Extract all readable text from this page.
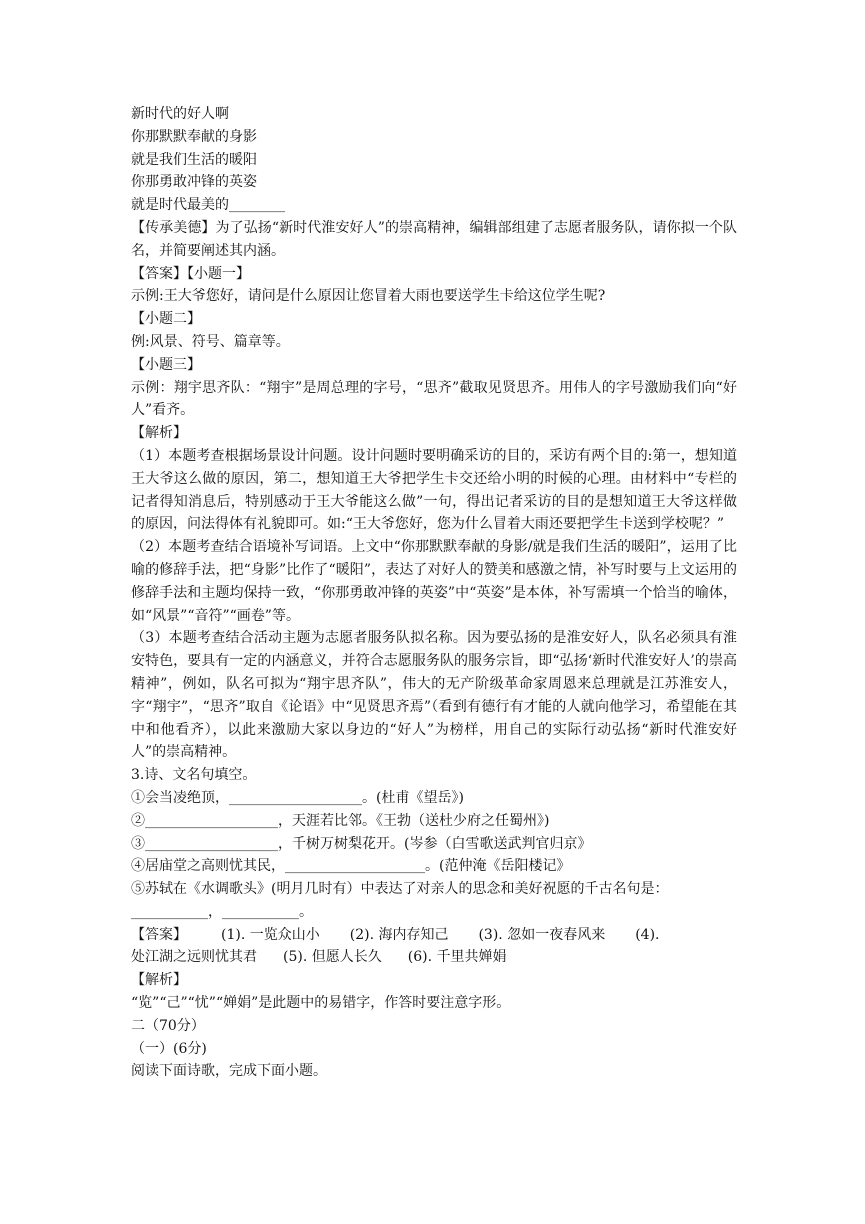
新时代的好人啊
你那默默奉献的身影
就是我们生活的暖阳
你那勇敢冲锋的英姿
就是时代最美的________
【传承美德】为了弘扬“新时代淮安好人”的崇高精神，编辑部组建了志愿者服务队，请你拟一个队名，并简要阐述其内涵。
【答案】【小题一】
示例:王大爷您好，请问是什么原因让您冒着大雨也要送学生卡给这位学生呢?
【小题二】
例:风景、符号、篇章等。
【小题三】
示例：翔宇思齐队：“翔宇”是周总理的字号，“思齐”截取见贤思齐。用伟人的字号激励我们向“好人”看齐。
【解析】
（1）本题考查根据场景设计问题。设计问题时要明确采访的目的，采访有两个目的:第一，想知道王大爷这么做的原因，第二，想知道王大爷把学生卡交还给小明的时候的心理。由材料中“专栏的记者得知消息后，特别感动于王大爷能这么做”一句，得出记者采访的目的是想知道王大爷这样做的原因，问法得体有礼貌即可。如:“王大爷您好，您为什么冒着大雨还要把学生卡送到学校呢？”
（2）本题考查结合语境补写词语。上文中“你那默默奉献的身影/就是我们生活的暖阳”，运用了比喻的修辞手法，把“身影”比作了“暖阳”，表达了对好人的赞美和感激之情，补写时要与上文运用的修辞手法和主题均保持一致，“你那勇敢冲锋的英姿”中“英姿”是本体，补写需填一个恰当的喻体，如“风景”“音符”“画卷”等。
（3）本题考查结合活动主题为志愿者服务队拟名称。因为要弘扬的是淮安好人，队名必须具有淮安特色，要具有一定的内涵意义，并符合志愿服务队的服务宗旨，即“弘扬‘新时代淮安好人’的崇高精神”，例如，队名可拟为“翔宇思齐队”，伟大的无产阶级革命家周恩来总理就是江苏淮安人，字“翔宇”，“思齐”取自《论语》中“见贤思齐焉”（看到有德行有才能的人就向他学习，希望能在其中和他看齐），以此来激励大家以身边的“好人”为榜样，用自己的实际行动弘扬“新时代淮安好人”的崇高精神。
3.诗、文名句填空。
①会当凌绝顶，___________________。(杜甫《望岳》)
②___________________，天涯若比邻。《王勃（送杜少府之任蜀州》)
③___________________，千树万树梨花开。(岑参（白雪歌送武判官归京》
④居庙堂之高则忧其民，____________________。(范仲淹《岳阳楼记》
⑤苏轼在《水调歌头》(明月几时有）中表达了对亲人的思念和美好祝愿的千古名句是：
___________，___________。
【答案】 (1). 一览众山小 (2). 海内存知己 (3). 忽如一夜春风来 (4).
处江湖之远则忧其君 (5). 但愿人长久 (6). 千里共婵娟
【解析】
“览”“己”“忧”“婵娟”是此题中的易错字，作答时要注意字形。
二（70分）
（一）(6分)
阅读下面诗歌，完成下面小题。
